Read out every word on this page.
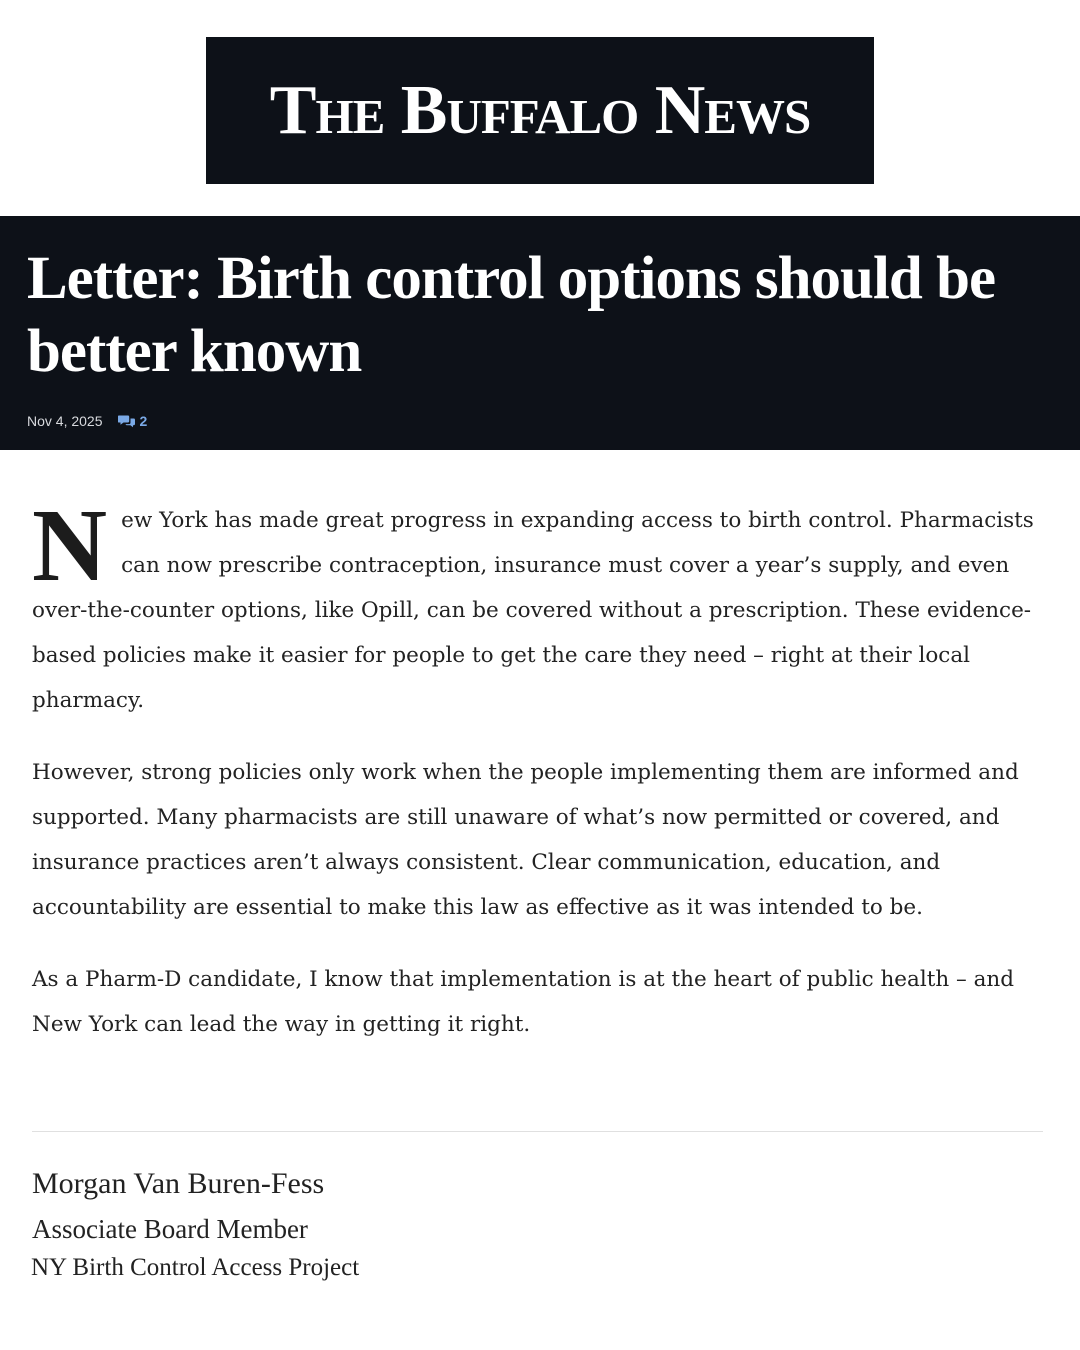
The Buffalo News
Letter: Birth control options should be better known
Nov 4, 2025	2

New York has made great progress in expanding access to birth control. Pharmacists can now prescribe contraception, insurance must cover a year’s supply, and even over-the-counter options, like Opill, can be covered without a prescription. These evidence-based policies make it easier for people to get the care they need – right at their local pharmacy.

However, strong policies only work when the people implementing them are informed and supported. Many pharmacists are still unaware of what’s now permitted or covered, and insurance practices aren’t always consistent. Clear communication, education, and accountability are essential to make this law as effective as it was intended to be.

As a Pharm-D candidate, I know that implementation is at the heart of public health – and New York can lead the way in getting it right.

Morgan Van Buren-Fess
Associate Board Member
NY Birth Control Access Project
